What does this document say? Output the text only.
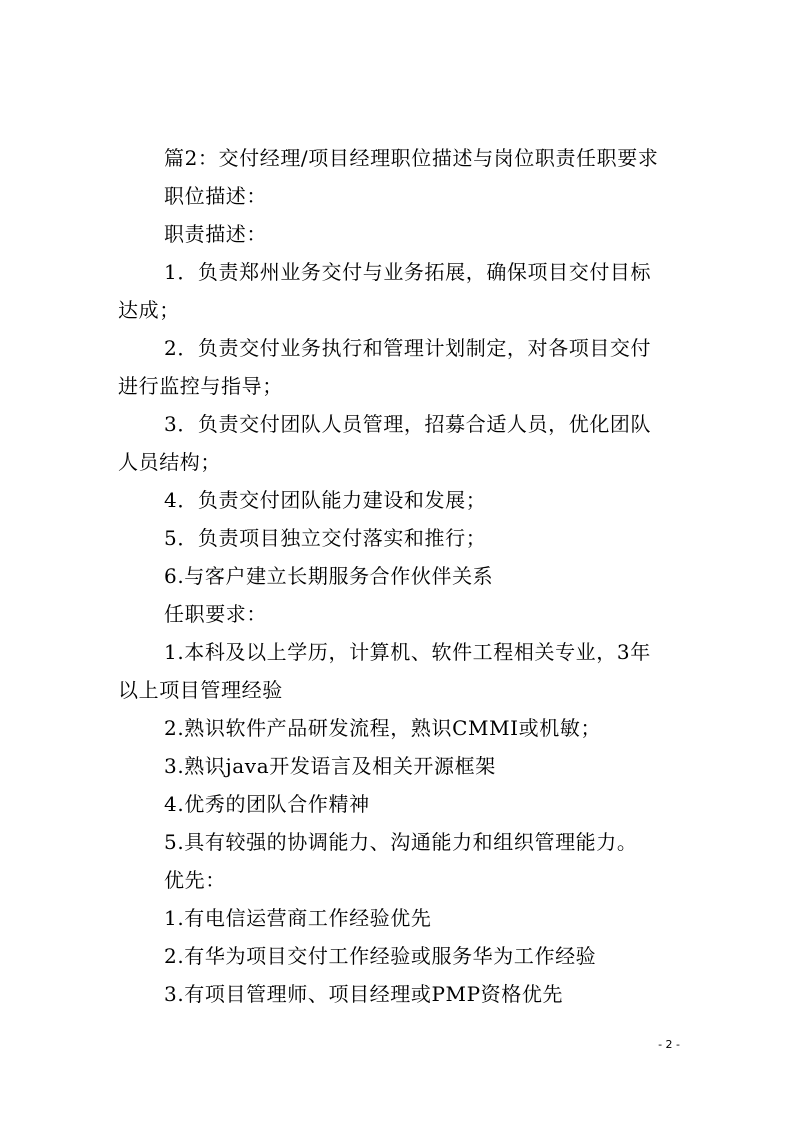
篇2：交付经理/项目经理职位描述与岗位职责任职要求
职位描述：
职责描述：
1．负责郑州业务交付与业务拓展，确保项目交付目标
达成；
2．负责交付业务执行和管理计划制定，对各项目交付
进行监控与指导；
3．负责交付团队人员管理，招募合适人员，优化团队
人员结构；
4．负责交付团队能力建设和发展；
5．负责项目独立交付落实和推行；
6.与客户建立长期服务合作伙伴关系
任职要求：
1.本科及以上学历，计算机、软件工程相关专业，3年
以上项目管理经验
2.熟识软件产品研发流程，熟识CMMI或机敏；
3.熟识java开发语言及相关开源框架
4.优秀的团队合作精神
5.具有较强的协调能力、沟通能力和组织管理能力。
优先：
1.有电信运营商工作经验优先
2.有华为项目交付工作经验或服务华为工作经验
3.有项目管理师、项目经理或PMP资格优先
- 2 -
